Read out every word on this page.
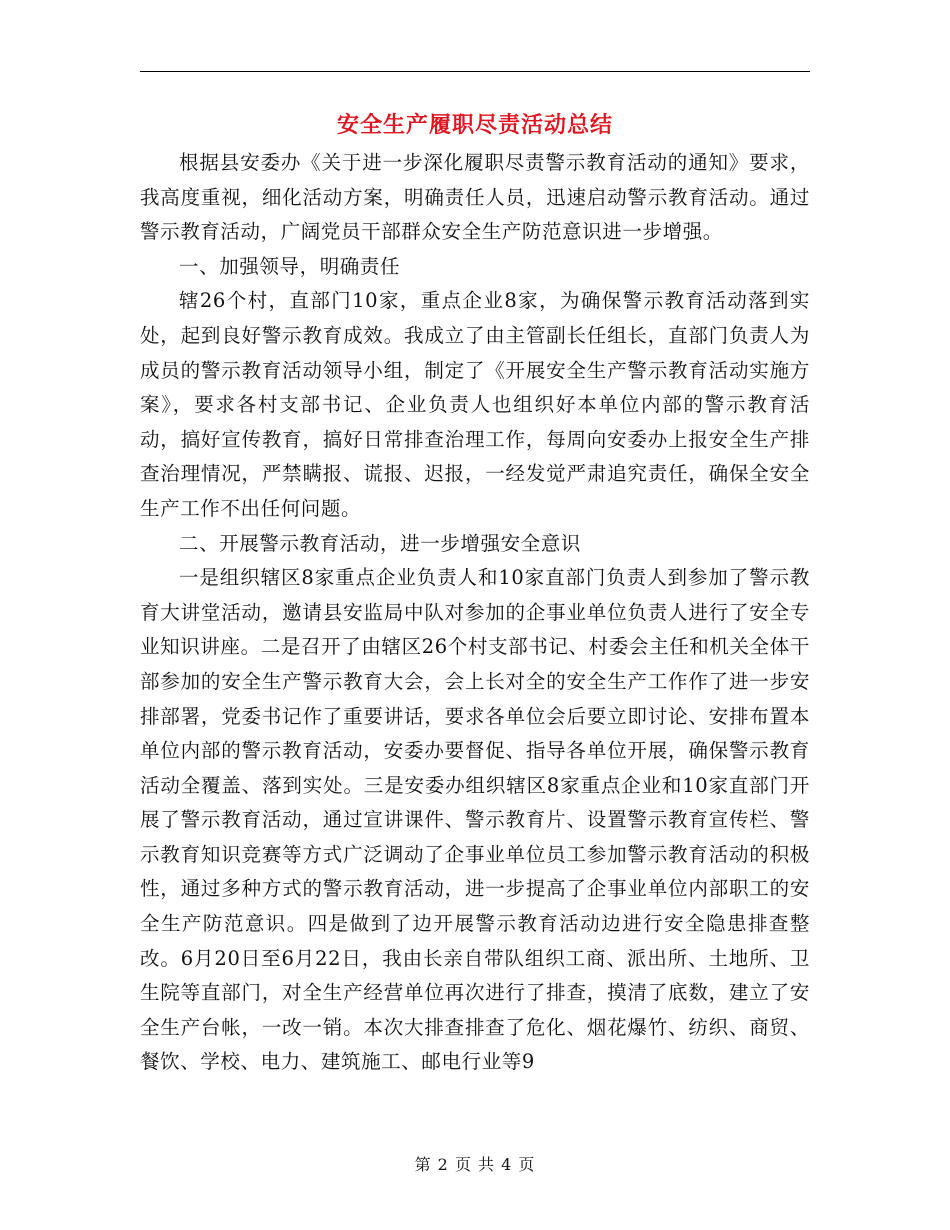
安全生产履职尽责活动总结

根据县安委办《关于进一步深化履职尽责警示教育活动的通知》要求，我高度重视，细化活动方案，明确责任人员，迅速启动警示教育活动。通过警示教育活动，广阔党员干部群众安全生产防范意识进一步增强。

一、加强领导，明确责任

辖26个村，直部门10家，重点企业8家，为确保警示教育活动落到实处，起到良好警示教育成效。我成立了由主管副长任组长，直部门负责人为成员的警示教育活动领导小组，制定了《开展安全生产警示教育活动实施方案》，要求各村支部书记、企业负责人也组织好本单位内部的警示教育活动，搞好宣传教育，搞好日常排查治理工作，每周向安委办上报安全生产排查治理情况，严禁瞒报、谎报、迟报，一经发觉严肃追究责任，确保全安全生产工作不出任何问题。

二、开展警示教育活动，进一步增强安全意识

一是组织辖区8家重点企业负责人和10家直部门负责人到参加了警示教育大讲堂活动，邀请县安监局中队对参加的企事业单位负责人进行了安全专业知识讲座。二是召开了由辖区26个村支部书记、村委会主任和机关全体干部参加的安全生产警示教育大会，会上长对全的安全生产工作作了进一步安排部署，党委书记作了重要讲话，要求各单位会后要立即讨论、安排布置本单位内部的警示教育活动，安委办要督促、指导各单位开展，确保警示教育活动全覆盖、落到实处。三是安委办组织辖区8家重点企业和10家直部门开展了警示教育活动，通过宣讲课件、警示教育片、设置警示教育宣传栏、警示教育知识竞赛等方式广泛调动了企事业单位员工参加警示教育活动的积极性，通过多种方式的警示教育活动，进一步提高了企事业单位内部职工的安全生产防范意识。四是做到了边开展警示教育活动边进行安全隐患排查整改。6月20日至6月22日，我由长亲自带队组织工商、派出所、土地所、卫生院等直部门，对全生产经营单位再次进行了排查，摸清了底数，建立了安全生产台帐，一改一销。本次大排查排查了危化、烟花爆竹、纺织、商贸、餐饮、学校、电力、建筑施工、邮电行业等9

第 2 页 共 4 页
